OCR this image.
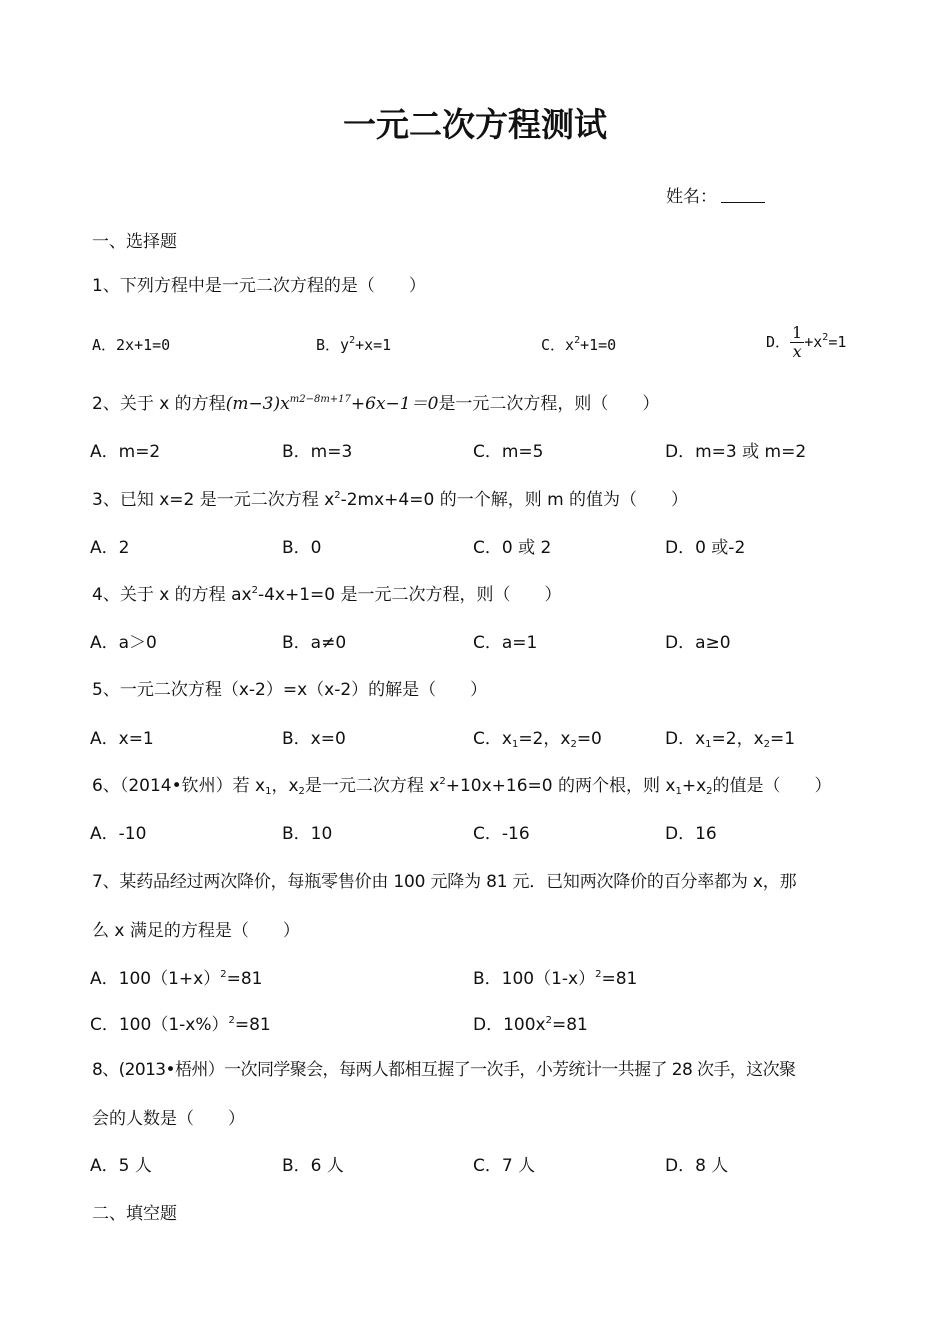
一元二次方程测试
姓名：
一、选择题
1、下列方程中是一元二次方程的是（　　）
A．2x+1=0	B．$y^2+x=1$	C．$x^2+1=0$	D． $\frac{1}{x} +x^2=1$
2、关于 x 的方程$(m-3)x^{m2-8m+17}+6x-1=0$是一元二次方程，则（　　）
A．m=2	B．m=3	C．m=5	D．m=3 或 m=2
3、已知 x=2 是一元二次方程 $x^2-2mx+4=0$ 的一个解，则 m 的值为（　　）
A．2	B．0	C．0 或 2	D．0 或-2
4、关于 x 的方程 $ax^2-4x+1=0$ 是一元二次方程，则（　　）
A．a＞0	B．a≠0	C．a=1	D．a≥0
5、一元二次方程（x-2）=x（x-2）的解是（　　）
A．x=1	B．x=0	C．$x_1=2$，$x_2=0$	D．$x_1=2$，$x_2=1$
6、（2014•钦州）若 $x_1$，$x_2$是一元二次方程 $x^2+10x+16=0$ 的两个根，则 $x_1+x_2$的值是（　　）
A．-10	B．10	C．-16	D．16
7、某药品经过两次降价，每瓶零售价由 100 元降为 81 元．已知两次降价的百分率都为 x，那
么 x 满足的方程是（　　）
A．$100(1+x)^2=81$	B．$100(1-x)^2=81$
C．$100(1-x\%)^2=81$	D．$100x^2=81$
8、(2013•梧州）一次同学聚会，每两人都相互握了一次手，小芳统计一共握了 28 次手，这次聚
会的人数是（　　）
A．5 人	B．6 人	C．7 人	D．8 人
二、填空题
